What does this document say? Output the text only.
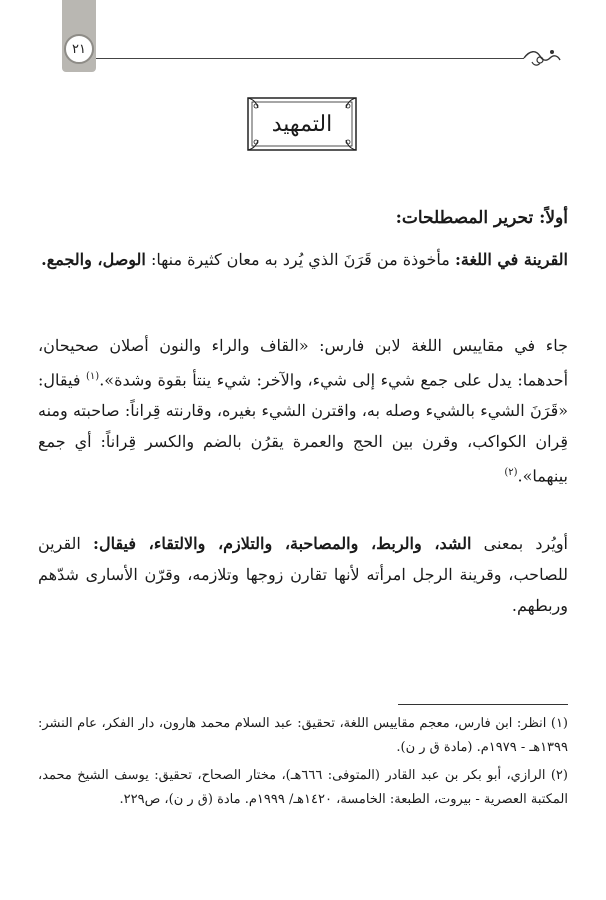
٢١
التمهيد
أولاً: تحرير المصطلحات:

القرينة في اللغة: مأخوذة من قَرَنَ الذي يُرد به معان كثيرة منها: الوصل، والجمع.

جاء في مقاييس اللغة لابن فارس: «القاف والراء والنون أصلان صحيحان، أحدهما: يدل على جمع شيء إلى شيء، والآخر: شيء ينتأ بقوة وشدة».$^{(١)}$ فيقال: «قَرَنَ الشيء بالشيء وصله به، واقترن الشيء بغيره، وقارنته قِراناً: صاحبته ومنه قِران الكواكب، وقرن بين الحج والعمرة يقرُن بالضم والكسر قِراناً: أي جمع بينهما».$^{(٢)}$

أويُرد بمعنى الشد، والربط، والمصاحبة، والتلازم، والالتقاء، فيقال: القرين للصاحب، وقرينة الرجل امرأته لأنها تقارن زوجها وتلازمه، وقرّن الأسارى شدّهم وربطهم.

(١) انظر: ابن فارس، معجم مقاييس اللغة، تحقيق: عبد السلام محمد هارون، دار الفكر، عام النشر: ١٣٩٩هـ - ١٩٧٩م. (مادة ق ر ن).

(٢) الرازي، أبو بكر بن عبد القادر (المتوفى: ٦٦٦هـ)، مختار الصحاح، تحقيق: يوسف الشيخ محمد، المكتبة العصرية - بيروت، الطبعة: الخامسة، ١٤٢٠هـ/ ١٩٩٩م. مادة (ق ر ن)، ص٢٢٩.
